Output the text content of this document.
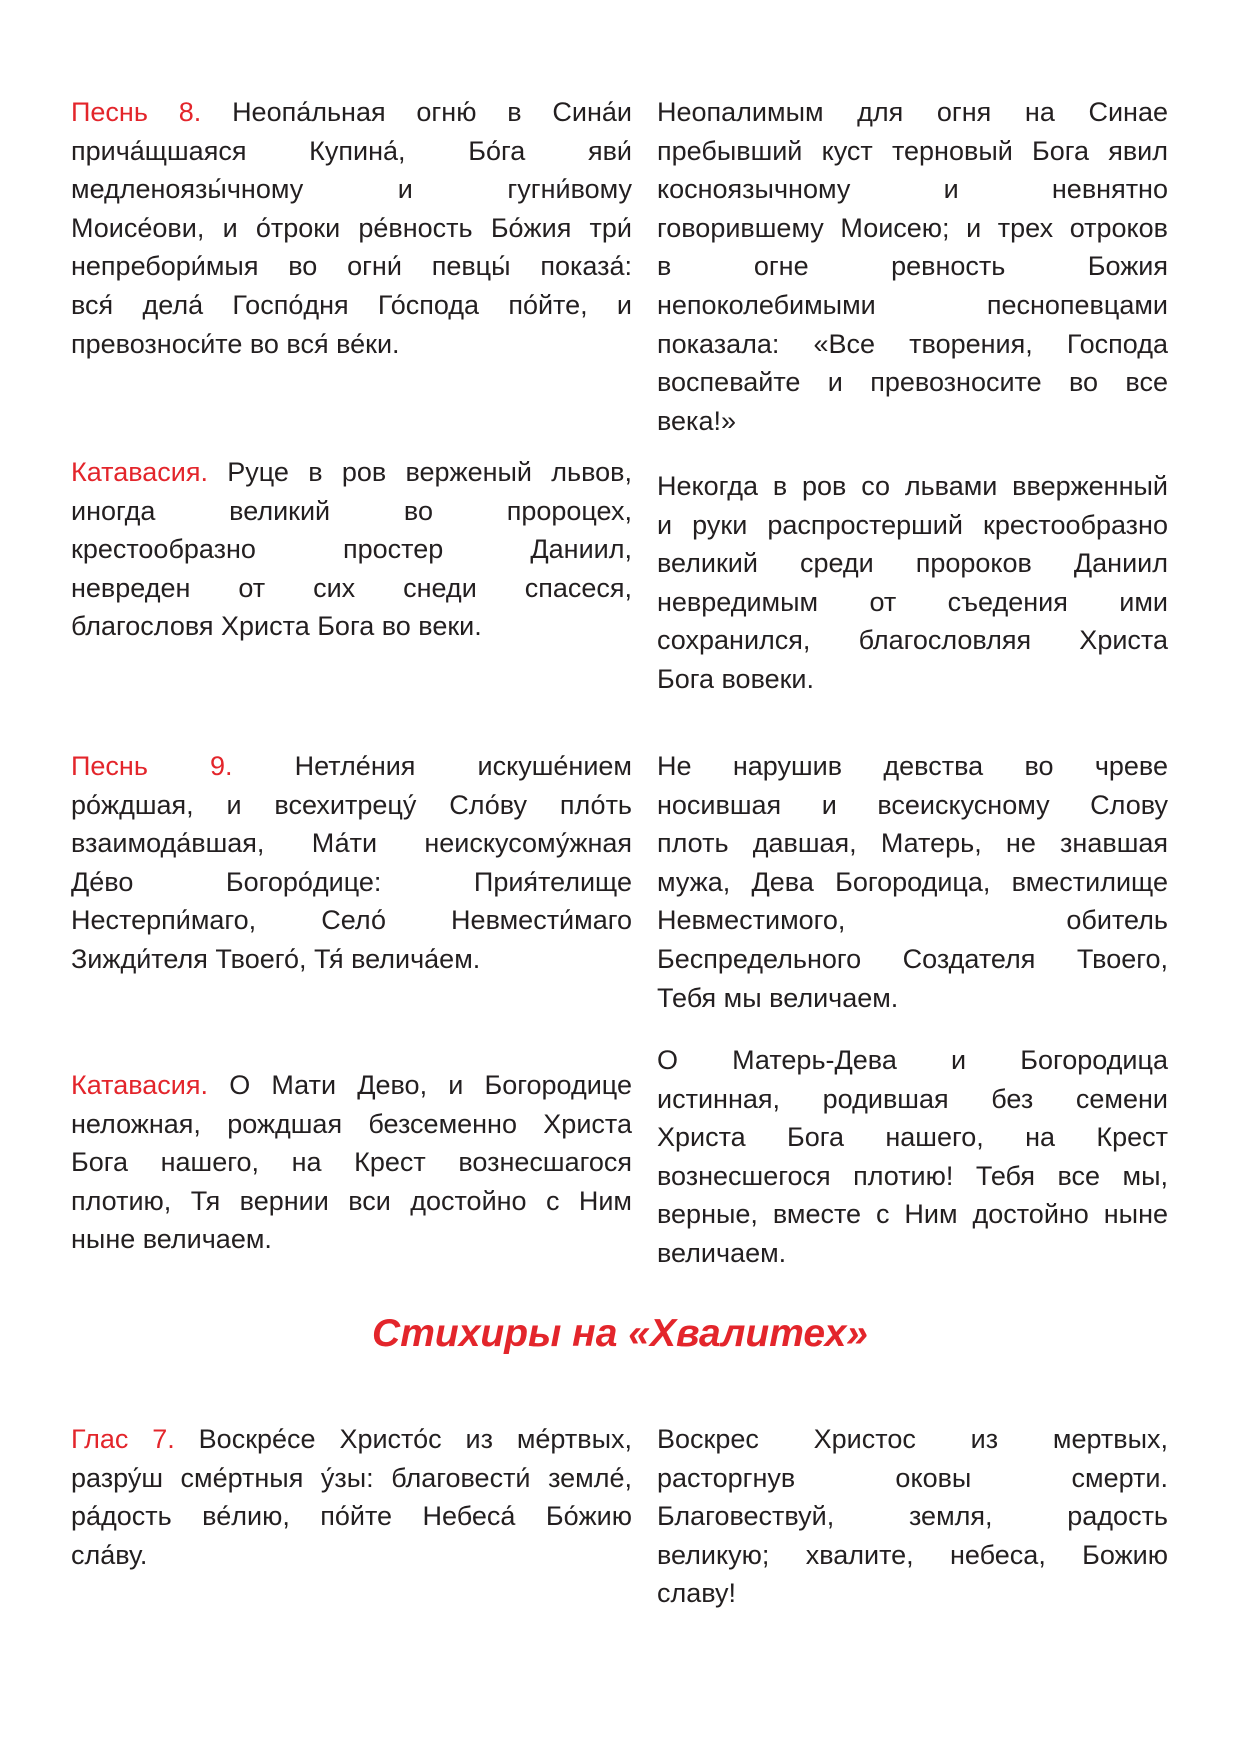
Песнь 8. Неопа́льная огню́ в Сина́и
прича́щшаяся Купина́, Бо́га яви́
медленоязы́чному и гугни́вому
Моисе́ови, и о́троки ре́вность Бо́жия три́
непребори́мыя во огни́ певцы́ показа́:
вся́ дела́ Госпо́дня Го́спода по́йте, и
превозноси́те во вся́ ве́ки.
Неопалимым для огня на Синае
пребывший куст терновый Бога явил
косноязычному и невнятно
говорившему Моисею; и трех отроков
в огне ревность Божия
непоколебимыми песнопевцами
показала: «Все творения, Господа
воспевайте и превозносите во все
века!»
Катавасия. Руце в ров верженый львов,
иногда великий во пророцех,
крестообразно простер Даниил,
невреден от сих снеди спасеся,
благословя Христа Бога во веки.
Некогда в ров со львами вверженный
и руки распростерший крестообразно
великий среди пророков Даниил
невредимым от съедения ими
сохранился, благословляя Христа
Бога вовеки.
Песнь 9. Нетле́ния искуше́нием
ро́ждшая, и всехитрецу́ Сло́ву пло́ть
взаимода́вшая, Ма́ти неискусому́жная
Де́во Богоро́дице: Прия́телище
Нестерпи́маго, Село́ Невмести́маго
Зижди́теля Твоего́, Тя́ велича́ем.
Не нарушив девства во чреве
носившая и всеискусному Слову
плоть давшая, Матерь, не знавшая
мужа, Дева Богородица, вместилище
Невместимого, обитель
Беспредельного Создателя Твоего,
Тебя мы величаем.
Катавасия. О Мати Дево, и Богородице
неложная, рождшая безсеменно Христа
Бога нашего, на Крест вознесшагося
плотию, Тя вернии вси достойно с Ним
ныне величаем.
О Матерь-Дева и Богородица
истинная, родившая без семени
Христа Бога нашего, на Крест
вознесшегося плотию! Тебя все мы,
верные, вместе с Ним достойно ныне
величаем.
Стихиры на «Хвалитех»
Глас 7. Воскре́се Христо́с из ме́ртвых,
разру́ш сме́ртныя у́зы: благовести́ земле́,
ра́дость ве́лию, по́йте Небеса́ Бо́жию
сла́ву.
Воскрес Христос из мертвых,
расторгнув оковы смерти.
Благовествуй, земля, радость
великую; хвалите, небеса, Божию
славу!
